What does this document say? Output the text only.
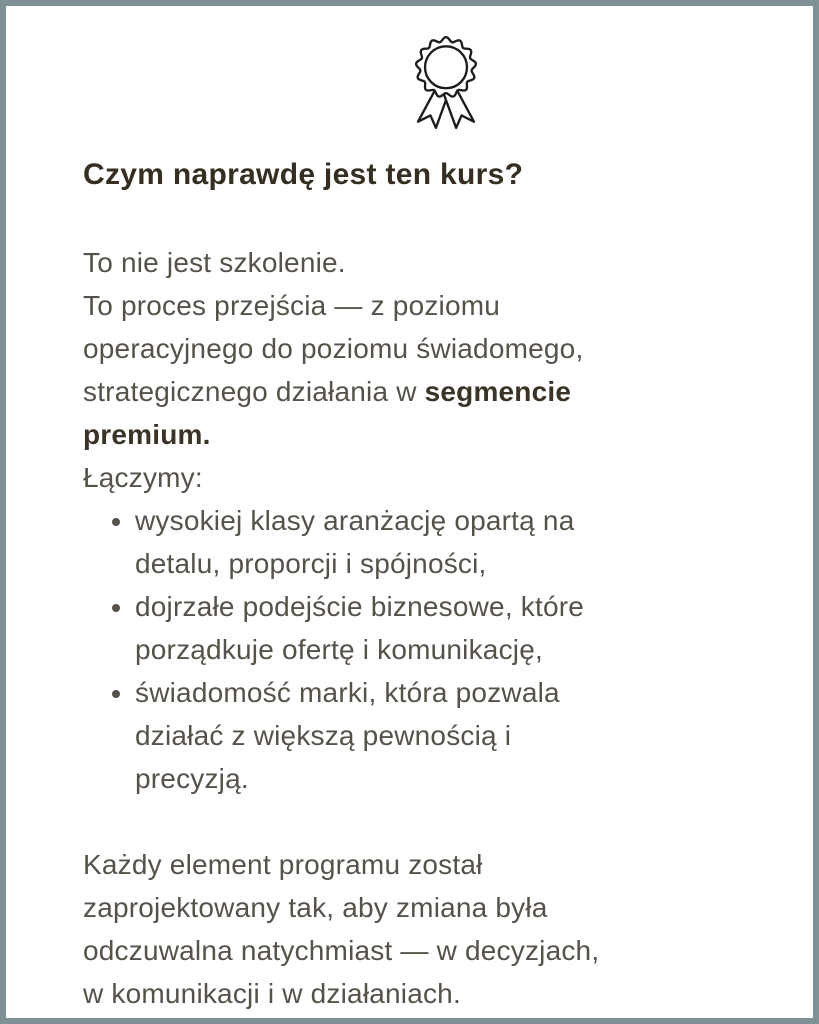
Czym naprawdę jest ten kurs?
To nie jest szkolenie.
To proces przejścia — z poziomu
operacyjnego do poziomu świadomego,
strategicznego działania w segmencie
premium.
Łączymy:
• wysokiej klasy aranżację opartą na
detalu, proporcji i spójności,
• dojrzałe podejście biznesowe, które
porządkuje ofertę i komunikację,
• świadomość marki, która pozwala
działać z większą pewnością i
precyzją.
Każdy element programu został
zaprojektowany tak, aby zmiana była
odczuwalna natychmiast — w decyzjach,
w komunikacji i w działaniach.
